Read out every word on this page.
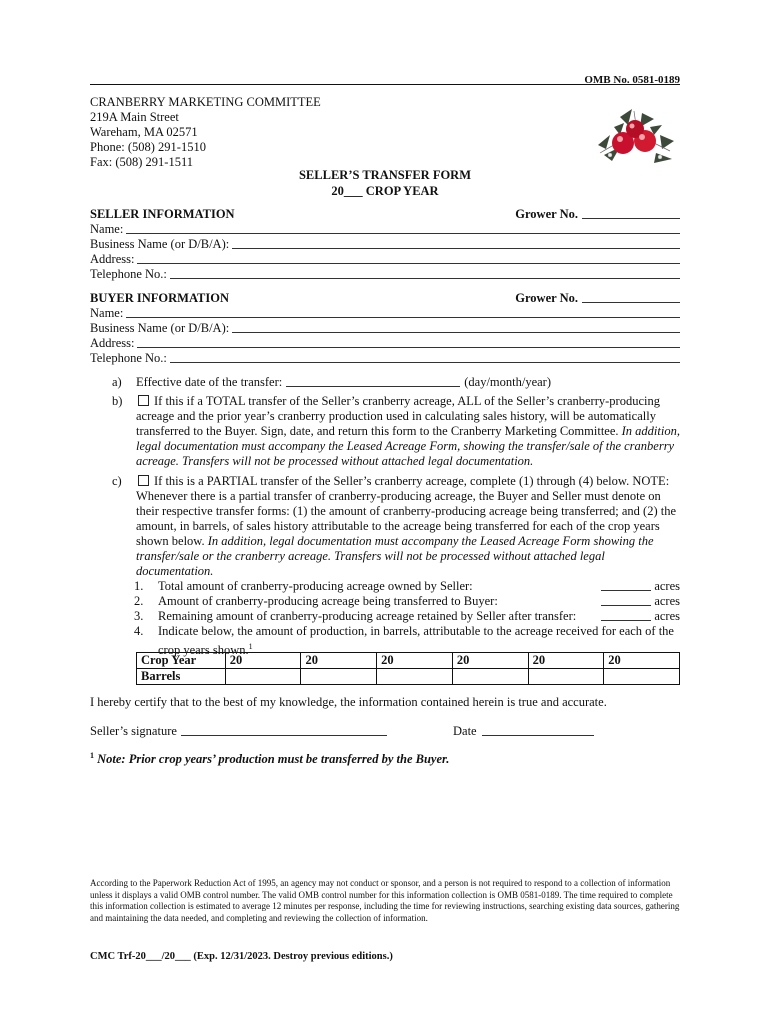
OMB No. 0581-0189
CRANBERRY MARKETING COMMITTEE
219A Main Street
Wareham, MA 02571
Phone: (508) 291-1510
Fax: (508) 291-1511
SELLER’S TRANSFER FORM
20___ CROP YEAR
SELLER INFORMATION	Grower No.
Name:
Business Name (or D/B/A):
Address:
Telephone No.:
BUYER INFORMATION	Grower No.
Name:
Business Name (or D/B/A):
Address:
Telephone No.:
a)	Effective date of the transfer:	(day/month/year)
b)	If this if a TOTAL transfer of the Seller’s cranberry acreage, ALL of the Seller’s cranberry-producing acreage and the prior year’s cranberry production used in calculating sales history, will be automatically transferred to the Buyer. Sign, date, and return this form to the Cranberry Marketing Committee. In addition, legal documentation must accompany the Leased Acreage Form, showing the transfer/sale of the cranberry acreage. Transfers will not be processed without attached legal documentation.
c)	If this is a PARTIAL transfer of the Seller’s cranberry acreage, complete (1) through (4) below. NOTE: Whenever there is a partial transfer of cranberry-producing acreage, the Buyer and Seller must denote on their respective transfer forms: (1) the amount of cranberry-producing acreage being transferred; and (2) the amount, in barrels, of sales history attributable to the acreage being transferred for each of the crop years shown below. In addition, legal documentation must accompany the Leased Acreage Form showing the transfer/sale or the cranberry acreage. Transfers will not be processed without attached legal documentation.
1.	Total amount of cranberry-producing acreage owned by Seller:	acres
2.	Amount of cranberry-producing acreage being transferred to Buyer:	acres
3.	Remaining amount of cranberry-producing acreage retained by Seller after transfer:	acres
4.	Indicate below, the amount of production, in barrels, attributable to the acreage received for each of the crop years shown.$^1$
Crop Year	20	20	20	20	20	20
Barrels						
I hereby certify that to the best of my knowledge, the information contained herein is true and accurate.
Seller’s signature	Date
$^1$ Note: Prior crop years’ production must be transferred by the Buyer.
According to the Paperwork Reduction Act of 1995, an agency may not conduct or sponsor, and a person is not required to respond to a collection of information unless it displays a valid OMB control number. The valid OMB control number for this information collection is OMB 0581-0189. The time required to complete this information collection is estimated to average 12 minutes per response, including the time for reviewing instructions, searching existing data sources, gathering and maintaining the data needed, and completing and reviewing the collection of information.
CMC Trf-20___/20___ (Exp. 12/31/2023. Destroy previous editions.)
